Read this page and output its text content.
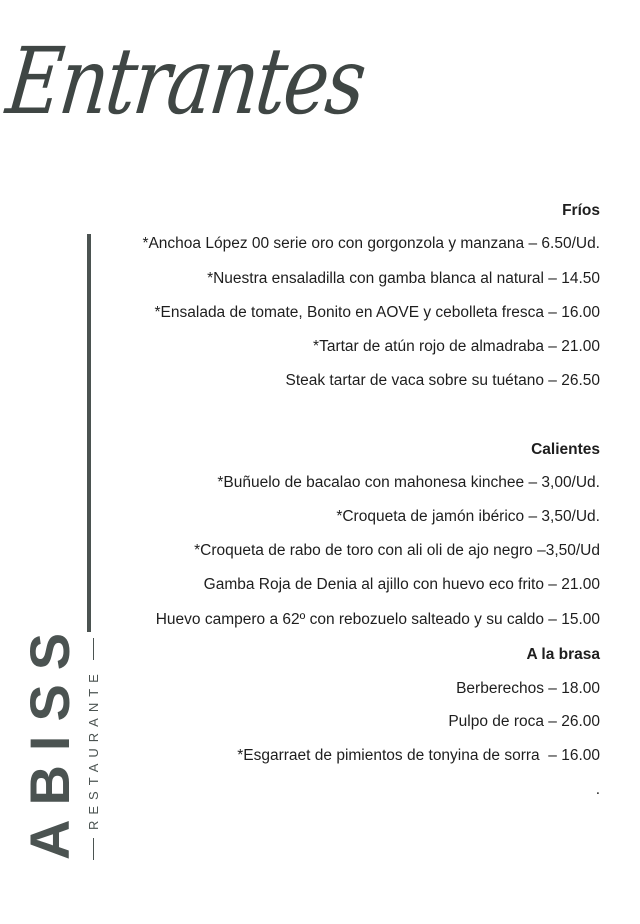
Entrantes
Fríos
*Anchoa López 00 serie oro con gorgonzola y manzana – 6.50/Ud.
*Nuestra ensaladilla con gamba blanca al natural – 14.50
*Ensalada de tomate, Bonito en AOVE y cebolleta fresca – 16.00
*Tartar de atún rojo de almadraba – 21.00
Steak tartar de vaca sobre su tuétano – 26.50
Calientes
*Buñuelo de bacalao con mahonesa kinchee – 3,00/Ud.
*Croqueta de jamón ibérico – 3,50/Ud.
*Croqueta de rabo de toro con ali oli de ajo negro –3,50/Ud
Gamba Roja de Denia al ajillo con huevo eco frito – 21.00
Huevo campero a 62º con rebozuelo salteado y su caldo – 15.00
A la brasa
Berberechos – 18.00
Pulpo de roca – 26.00
*Esgarraet de pimientos de tonyina de sorra  – 16.00
.
ABISS RESTAURANTE
